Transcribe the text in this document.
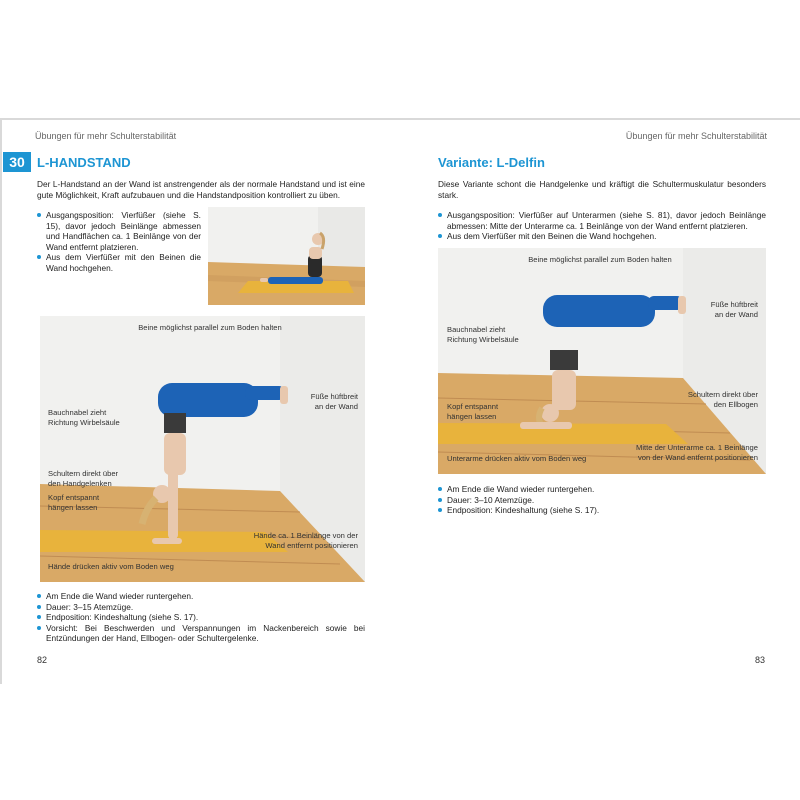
Übungen für mehr Schulterstabilität	Übungen für mehr Schulterstabilität
30 L-HANDSTAND

Der L-Handstand an der Wand ist anstrengender als der normale Handstand und ist eine gute Möglichkeit, Kraft aufzubauen und die Handstandposition kontrolliert zu üben.

Ausgangsposition: Vierfüßer (siehe S. 15), davor jedoch Beinlänge abmessen und Handflächen ca. 1 Beinlänge von der Wand entfernt platzieren.
Aus dem Vierfüßer mit den Beinen die Wand hochgehen.
Beine möglichst parallel zum Boden halten
Bauchnabel zieht
Richtung Wirbelsäule
Füße hüftbreit
an der Wand
Schultern direkt über
den Handgelenken
Kopf entspannt
hängen lassen
Hände ca. 1 Beinlänge von der
Wand entfernt positionieren
Hände drücken aktiv vom Boden weg
Am Ende die Wand wieder runtergehen.
Dauer: 3–15 Atemzüge.
Endposition: Kindeshaltung (siehe S. 17).
Vorsicht: Bei Beschwerden und Verspannungen im Nackenbereich sowie bei Entzündungen der Hand, Ellbogen- oder Schultergelenke.
82
Variante: L-Delfin

Diese Variante schont die Handgelenke und kräftigt die Schultermuskulatur besonders stark.

Ausgangsposition: Vierfüßer auf Unterarmen (siehe S. 81), davor jedoch Beinlänge abmessen: Mitte der Unterarme ca. 1 Beinlänge von der Wand entfernt platzieren.
Aus dem Vierfüßer mit den Beinen die Wand hochgehen.
Beine möglichst parallel zum Boden halten
Füße hüftbreit
an der Wand
Bauchnabel zieht
Richtung Wirbelsäule
Schultern direkt über
den Ellbogen
Kopf entspannt
hängen lassen
Mitte der Unterarme ca. 1 Beinlänge
von der Wand entfernt positionieren
Unterarme drücken aktiv vom Boden weg
Am Ende die Wand wieder runtergehen.
Dauer: 3–10 Atemzüge.
Endposition: Kindeshaltung (siehe S. 17).
83
